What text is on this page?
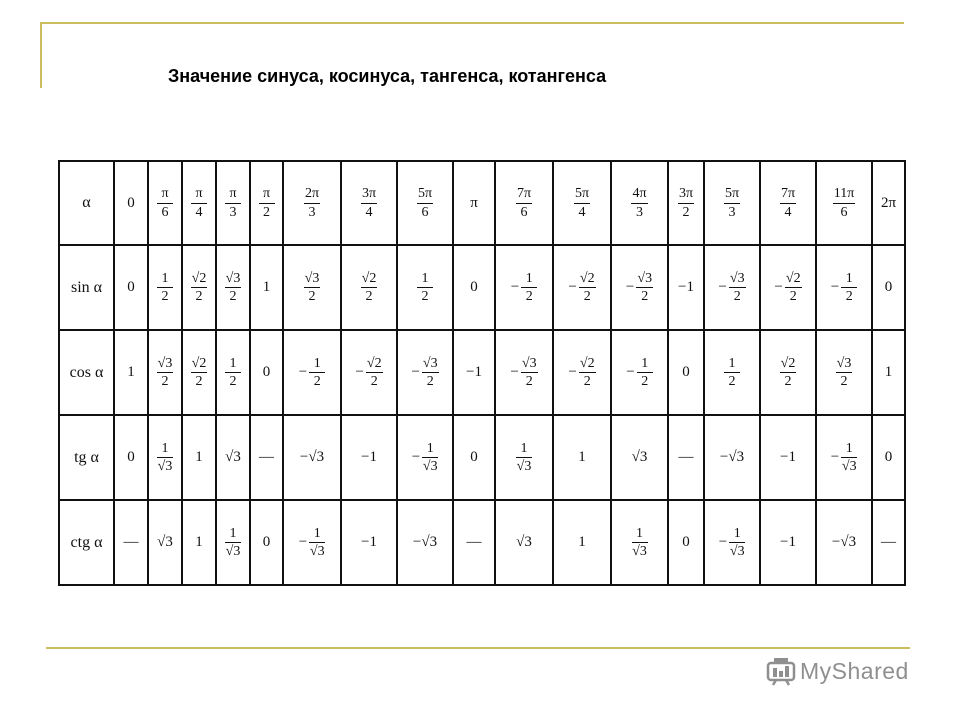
Значение синуса, косинуса, тангенса, котангенса
α	0	$\frac{\pi}{6}$	$\frac{\pi}{4}$	$\frac{\pi}{3}$	$\frac{\pi}{2}$	$\frac{2\pi}{3}$	$\frac{3\pi}{4}$	$\frac{5\pi}{6}$	π	$\frac{7\pi}{6}$	$\frac{5\pi}{4}$	$\frac{4\pi}{3}$	$\frac{3\pi}{2}$	$\frac{5\pi}{3}$	$\frac{7\pi}{4}$	$\frac{11\pi}{6}$	2π
sin α	0	$\frac{1}{2}$	$\frac{√2}{2}$	$\frac{√3}{2}$	1	$\frac{√3}{2}$	$\frac{√2}{2}$	$\frac{1}{2}$	0	− $\frac{1}{2}$	− $\frac{√2}{2}$	− $\frac{√3}{2}$	−1	− $\frac{√3}{2}$	− $\frac{√2}{2}$	− $\frac{1}{2}$	0
cos α	1	$\frac{√3}{2}$	$\frac{√2}{2}$	$\frac{1}{2}$	0	− $\frac{1}{2}$	− $\frac{√2}{2}$	− $\frac{√3}{2}$	−1	− $\frac{√3}{2}$	− $\frac{√2}{2}$	− $\frac{1}{2}$	0	$\frac{1}{2}$	$\frac{√2}{2}$	$\frac{√3}{2}$	1
tg α	0	$\frac{1}{√3}$	1	√3	—	−√3	−1	− $\frac{1}{√3}$	0	$\frac{1}{√3}$	1	√3	—	−√3	−1	− $\frac{1}{√3}$	0
ctg α	—	√3	1	$\frac{1}{√3}$	0	− $\frac{1}{√3}$	−1	−√3	—	√3	1	$\frac{1}{√3}$	0	− $\frac{1}{√3}$	−1	−√3	—
MyShared
